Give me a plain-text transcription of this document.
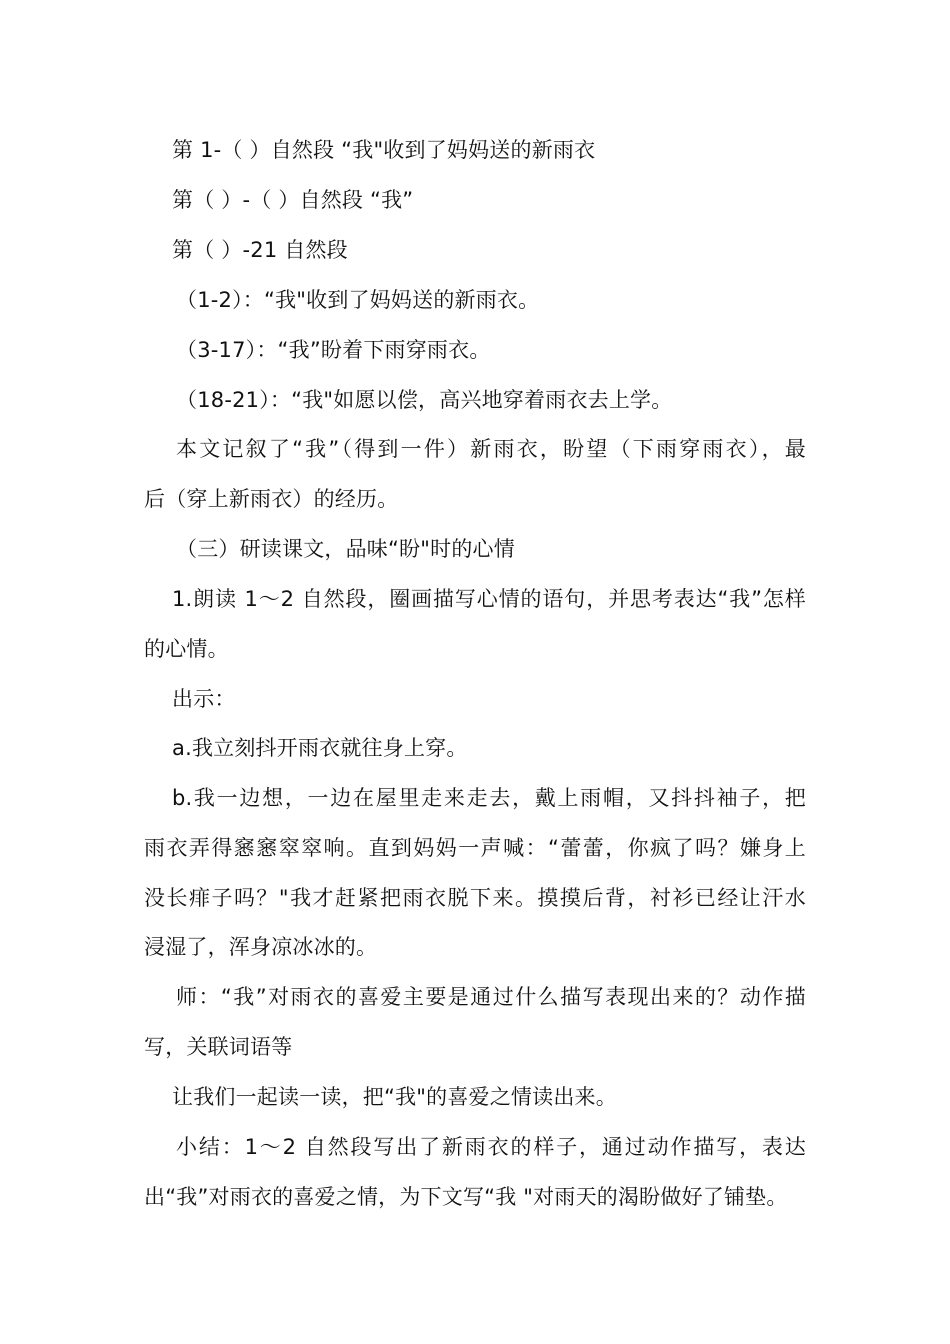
第 1-（ ）自然段 “我"收到了妈妈送的新雨衣
第（ ）-（ ）自然段 “我”
第（ ）-21 自然段
（1-2）：“我"收到了妈妈送的新雨衣。
（3-17）：“我”盼着下雨穿雨衣。
（18-21）：“我"如愿以偿，高兴地穿着雨衣去上学。
本文记叙了“我”（得到一件）新雨衣，盼望（下雨穿雨衣），最
后（穿上新雨衣）的经历。
（三）研读课文，品味“盼"时的心情
1.朗读 1～2 自然段，圈画描写心情的语句，并思考表达“我”怎样
的心情。
出示：
a.我立刻抖开雨衣就往身上穿。
b.我一边想，一边在屋里走来走去，戴上雨帽，又抖抖袖子，把
雨衣弄得窸窸窣窣响。直到妈妈一声喊：“蕾蕾，你疯了吗？嫌身上
没长痱子吗？"我才赶紧把雨衣脱下来。摸摸后背，衬衫已经让汗水
浸湿了，浑身凉冰冰的。
师：“我”对雨衣的喜爱主要是通过什么描写表现出来的？动作描
写，关联词语等
让我们一起读一读，把“我"的喜爱之情读出来。
小结：1～2 自然段写出了新雨衣的样子，通过动作描写，表达
出“我”对雨衣的喜爱之情，为下文写“我 "对雨天的渴盼做好了铺垫。
